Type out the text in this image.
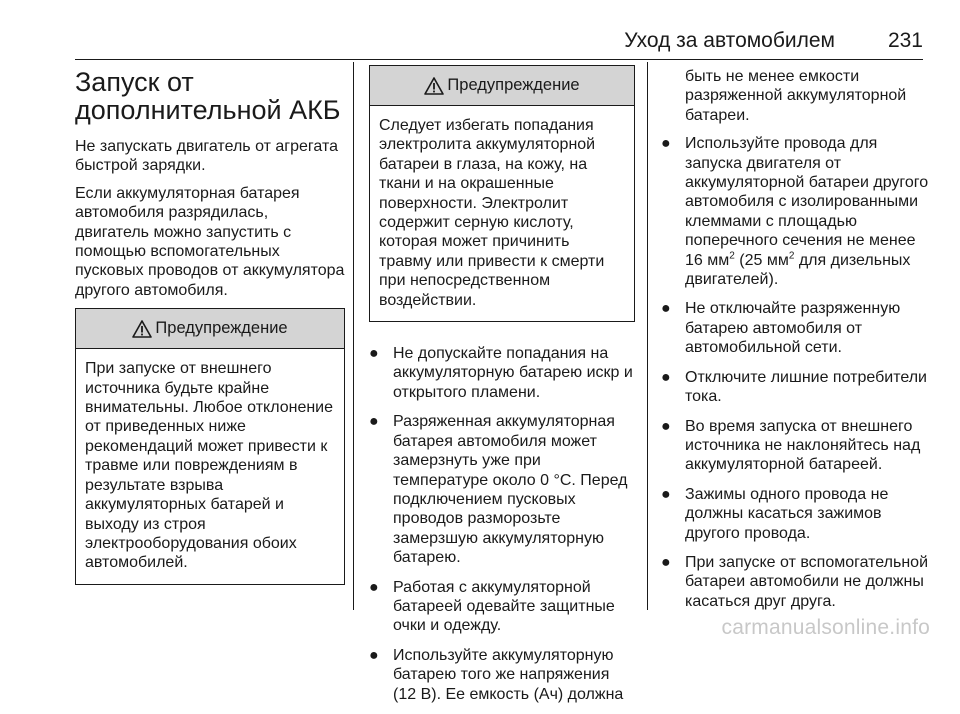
Уход за автомобилем	231
Запуск от
дополнительной АКБ

Не запускать двигатель от агрегата быстрой зарядки.

Если аккумуляторная батарея автомобиля разрядилась, двигатель можно запустить с помощью вспомогательных пусковых проводов от аккумулятора другого автомобиля.

Предупреждение
При запуске от внешнего источника будьте крайне внимательны. Любое отклонение от приведенных ниже рекомендаций может привести к травме или повреждениям в результате взрыва аккумуляторных батарей и выходу из строя электрооборудования обоих автомобилей.
Предупреждение
Следует избегать попадания электролита аккумуляторной батареи в глаза, на кожу, на ткани и на окрашенные поверхности. Электролит содержит серную кислоту, которая может причинить травму или привести к смерти при непосредственном воздействии.
● Не допускайте попадания на аккумуляторную батарею искр и открытого пламени.
● Разряженная аккумуляторная батарея автомобиля может замерзнуть уже при температуре около 0 °C. Перед подключением пусковых проводов разморозьте замерзшую аккумуляторную батарею.
● Работая с аккумуляторной батареей одевайте защитные очки и одежду.
● Используйте аккумуляторную батарею того же напряжения (12 В). Ее емкость (Ач) должна

быть не менее емкости разряженной аккумуляторной батареи.

● Используйте провода для запуска двигателя от аккумуляторной батареи другого автомобиля с изолированными клеммами с площадью поперечного сечения не менее 16 $мм^2$ (25 $мм^2$ для дизельных двигателей).
● Не отключайте разряженную батарею автомобиля от автомобильной сети.
● Отключите лишние потребители тока.
● Во время запуска от внешнего источника не наклоняйтесь над аккумуляторной батареей.
● Зажимы одного провода не должны касаться зажимов другого провода.
● При запуске от вспомогательной батареи автомобили не должны касаться друг друга.
carmanualsonline.info
